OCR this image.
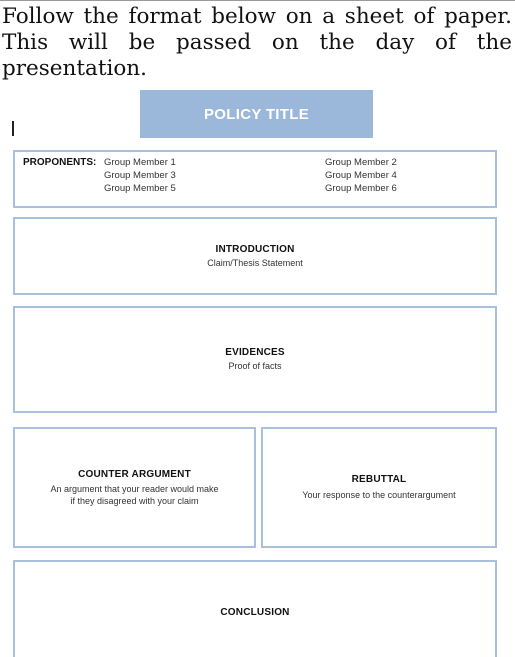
Follow the format below on a sheet of paper.
This will be passed on the day of the
presentation.
POLICY TITLE
PROPONENTS: Group Member 1	Group Member 2
Group Member 3	Group Member 4
Group Member 5	Group Member 6
INTRODUCTION
Claim/Thesis Statement
EVIDENCES
Proof of facts
COUNTER ARGUMENT
An argument that your reader would make
if they disagreed with your claim
REBUTTAL
Your response to the counterargument
CONCLUSION
